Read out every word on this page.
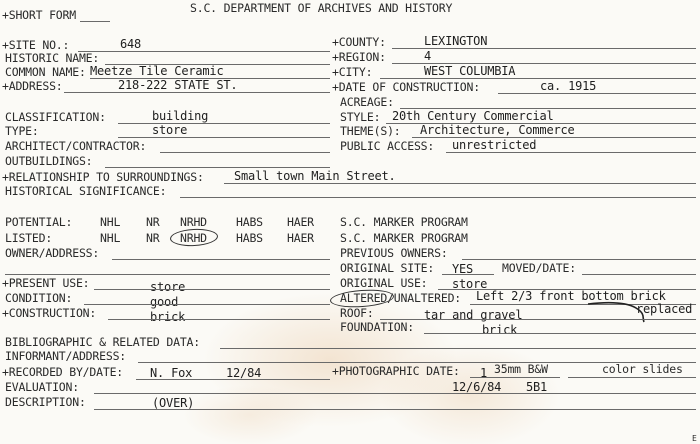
+SHORT FORM	S.C. DEPARTMENT OF ARCHIVES AND HISTORY
+SITE NO.:	648
HISTORIC NAME:
COMMON NAME: Meetze Tile Ceramic
+ADDRESS:	218-222 STATE ST.
CLASSIFICATION:	building
TYPE:	store
ARCHITECT/CONTRACTOR:
OUTBUILDINGS:
+COUNTY:	LEXINGTON
+REGION:	4
+CITY:	WEST COLUMBIA
+DATE OF CONSTRUCTION:	ca. 1915
ACREAGE:
STYLE: 20th Century Commercial
THEME(S): Architecture, Commerce
PUBLIC ACCESS: unrestricted
+RELATIONSHIP TO SURROUNDINGS:	Small town Main Street.
HISTORICAL SIGNIFICANCE:
POTENTIAL: NHL NR NRHD	HABS HAER S.C. MARKER PROGRAM
LISTED:	NHL NR NRHD	HABS HAER S.C. MARKER PROGRAM
OWNER/ADDRESS:	PREVIOUS OWNERS:
ORIGINAL SITE: YES	MOVED/DATE:
ORIGINAL USE: store
+PRESENT USE:	store
CONDITION:	good
+CONSTRUCTION:	brick
ALTERED/UNALTERED: Left 2/3 front bottom brick
replaced
ROOF:	tar and gravel
FOUNDATION:	brick
BIBLIOGRAPHIC & RELATED DATA:
INFORMANT/ADDRESS:
+RECORDED BY/DATE: N. Fox	12/84	+PHOTOGRAPHIC DATE: 1 35mm B&W	color slides
EVALUATION:	12/6/84 5B1
DESCRIPTION:	(OVER)
E
